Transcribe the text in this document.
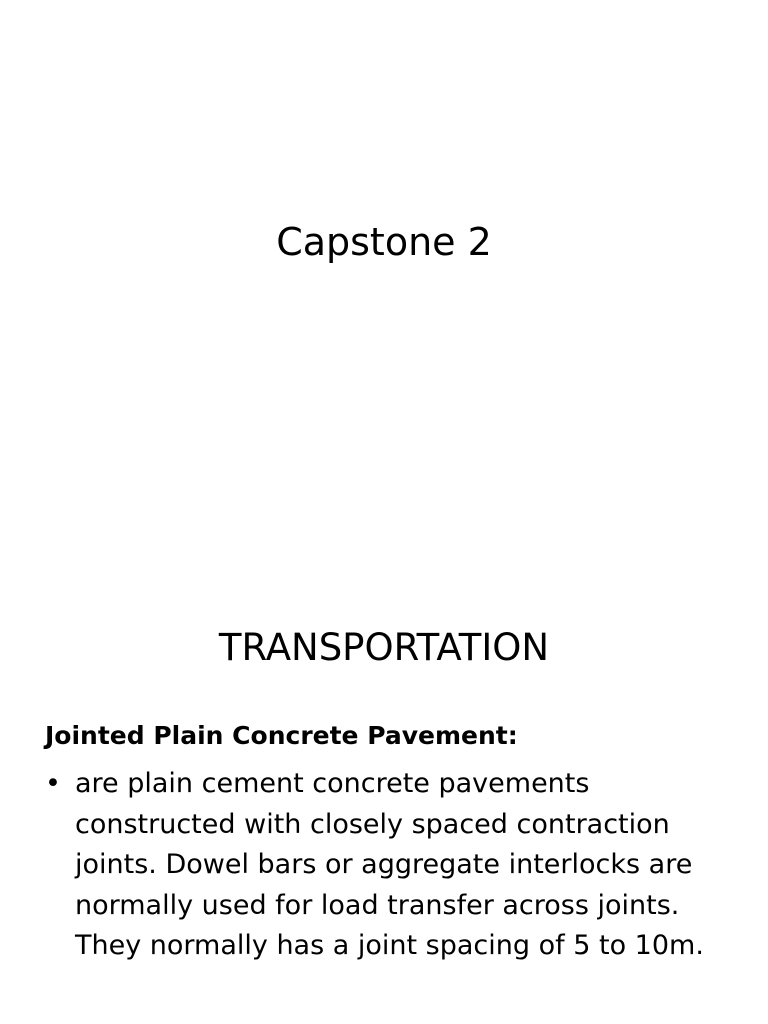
Capstone 2
TRANSPORTATION
Jointed Plain Concrete Pavement:
• are plain cement concrete pavements
constructed with closely spaced contraction
joints. Dowel bars or aggregate interlocks are
normally used for load transfer across joints.
They normally has a joint spacing of 5 to 10m.
